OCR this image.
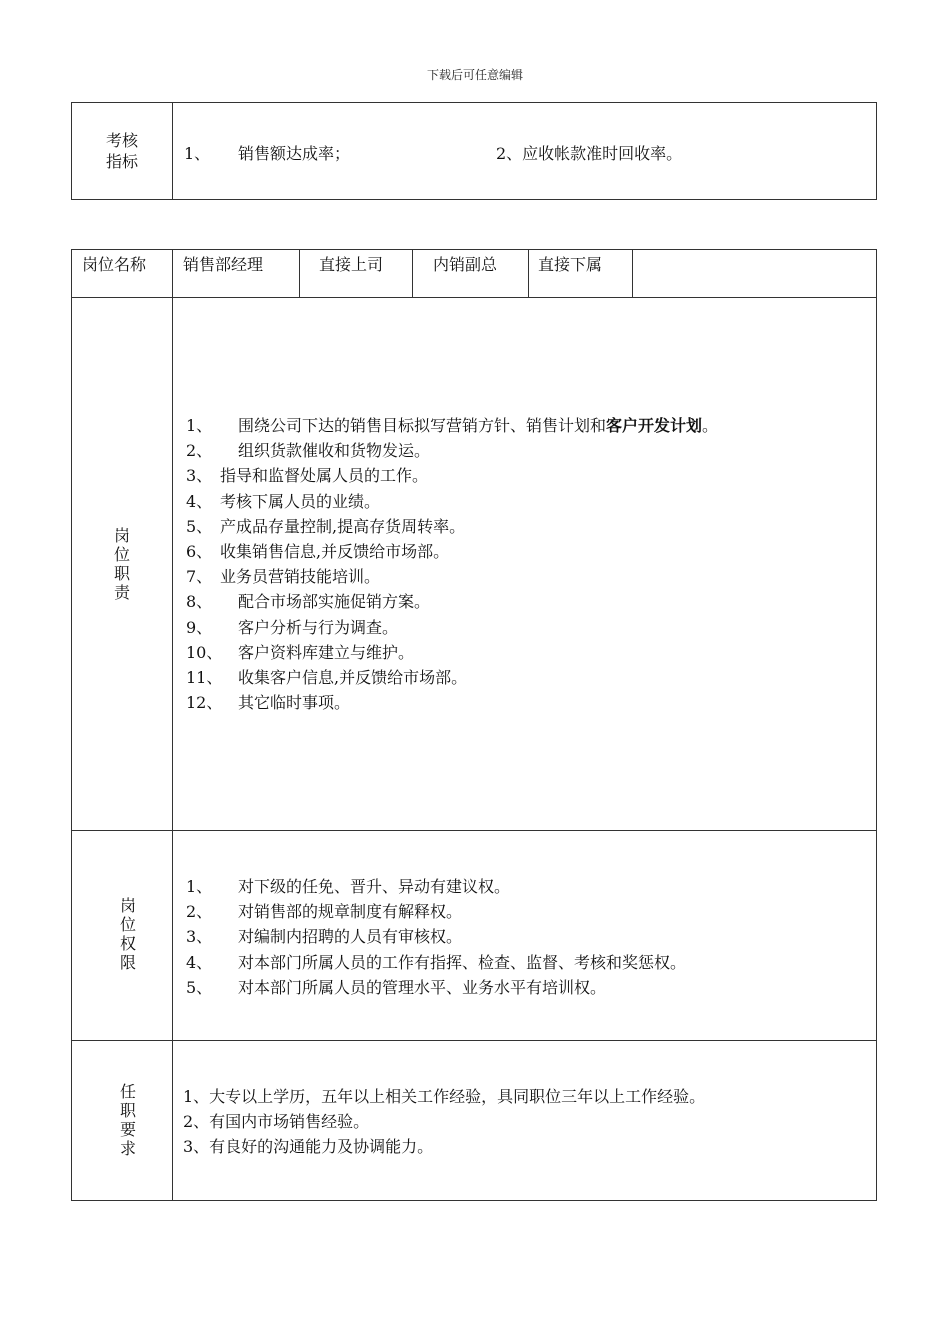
下载后可任意编辑
考核
指标	1、 销售额达成率；	2、应收帐款准时回收率。
岗位名称 销售部经理	直接上司	内销副总	直接下属
岗
位
职
责
1、 围绕公司下达的销售目标拟写营销方针、销售计划和客户开发计划。
2、 组织货款催收和货物发运。
3、 指导和监督处属人员的工作。
4、 考核下属人员的业绩。
5、 产成品存量控制,提高存货周转率。
6、 收集销售信息,并反馈给市场部。
7、 业务员营销技能培训。
8、 配合市场部实施促销方案。
9、 客户分析与行为调查。
10、 客户资料库建立与维护。
11、 收集客户信息,并反馈给市场部。
12、 其它临时事项。
岗
位
权
限
1、 对下级的任免、晋升、异动有建议权。
2、 对销售部的规章制度有解释权。
3、 对编制内招聘的人员有审核权。
4、 对本部门所属人员的工作有指挥、检查、监督、考核和奖惩权。
5、 对本部门所属人员的管理水平、业务水平有培训权。
任
职
要
求
1、大专以上学历，五年以上相关工作经验，具同职位三年以上工作经验。
2、有国内市场销售经验。
3、有良好的沟通能力及协调能力。
